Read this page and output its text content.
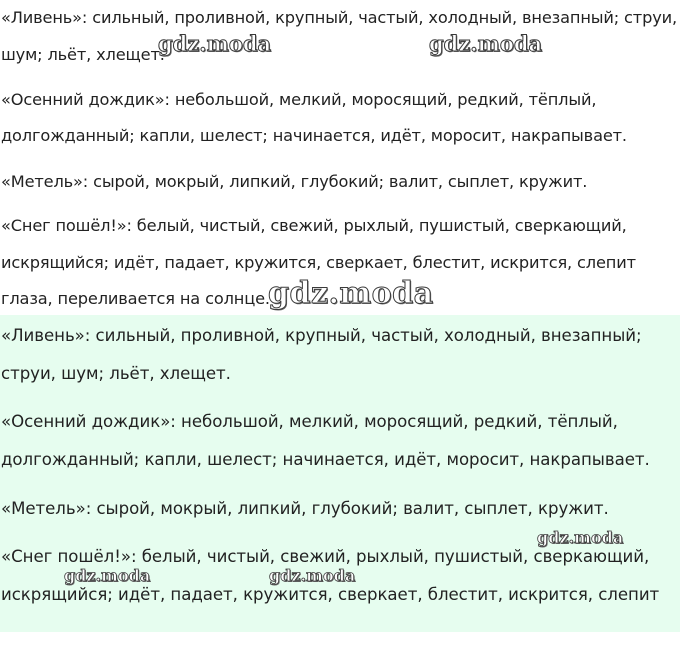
«Ливень»: сильный, проливной, крупный, частый, холодный, внезапный; струи,
шум; льёт, хлещет.
«Осенний дождик»: небольшой, мелкий, моросящий, редкий, тёплый,
долгожданный; капли, шелест; начинается, идёт, моросит, накрапывает.
«Метель»: сырой, мокрый, липкий, глубокий; валит, сыплет, кружит.
«Снег пошёл!»: белый, чистый, свежий, рыхлый, пушистый, сверкающий,
искрящийся; идёт, падает, кружится, сверкает, блестит, искрится, слепит
глаза, переливается на солнце.
«Ливень»: сильный, проливной, крупный, частый, холодный, внезапный;
струи, шум; льёт, хлещет.
«Осенний дождик»: небольшой, мелкий, моросящий, редкий, тёплый,
долгожданный; капли, шелест; начинается, идёт, моросит, накрапывает.
«Метель»: сырой, мокрый, липкий, глубокий; валит, сыплет, кружит.
«Снег пошёл!»: белый, чистый, свежий, рыхлый, пушистый, сверкающий,
искрящийся; идёт, падает, кружится, сверкает, блестит, искрится, слепит
gdz.moda	gdz.moda
gdz.moda
gdz.moda
gdz.moda	gdz.moda
